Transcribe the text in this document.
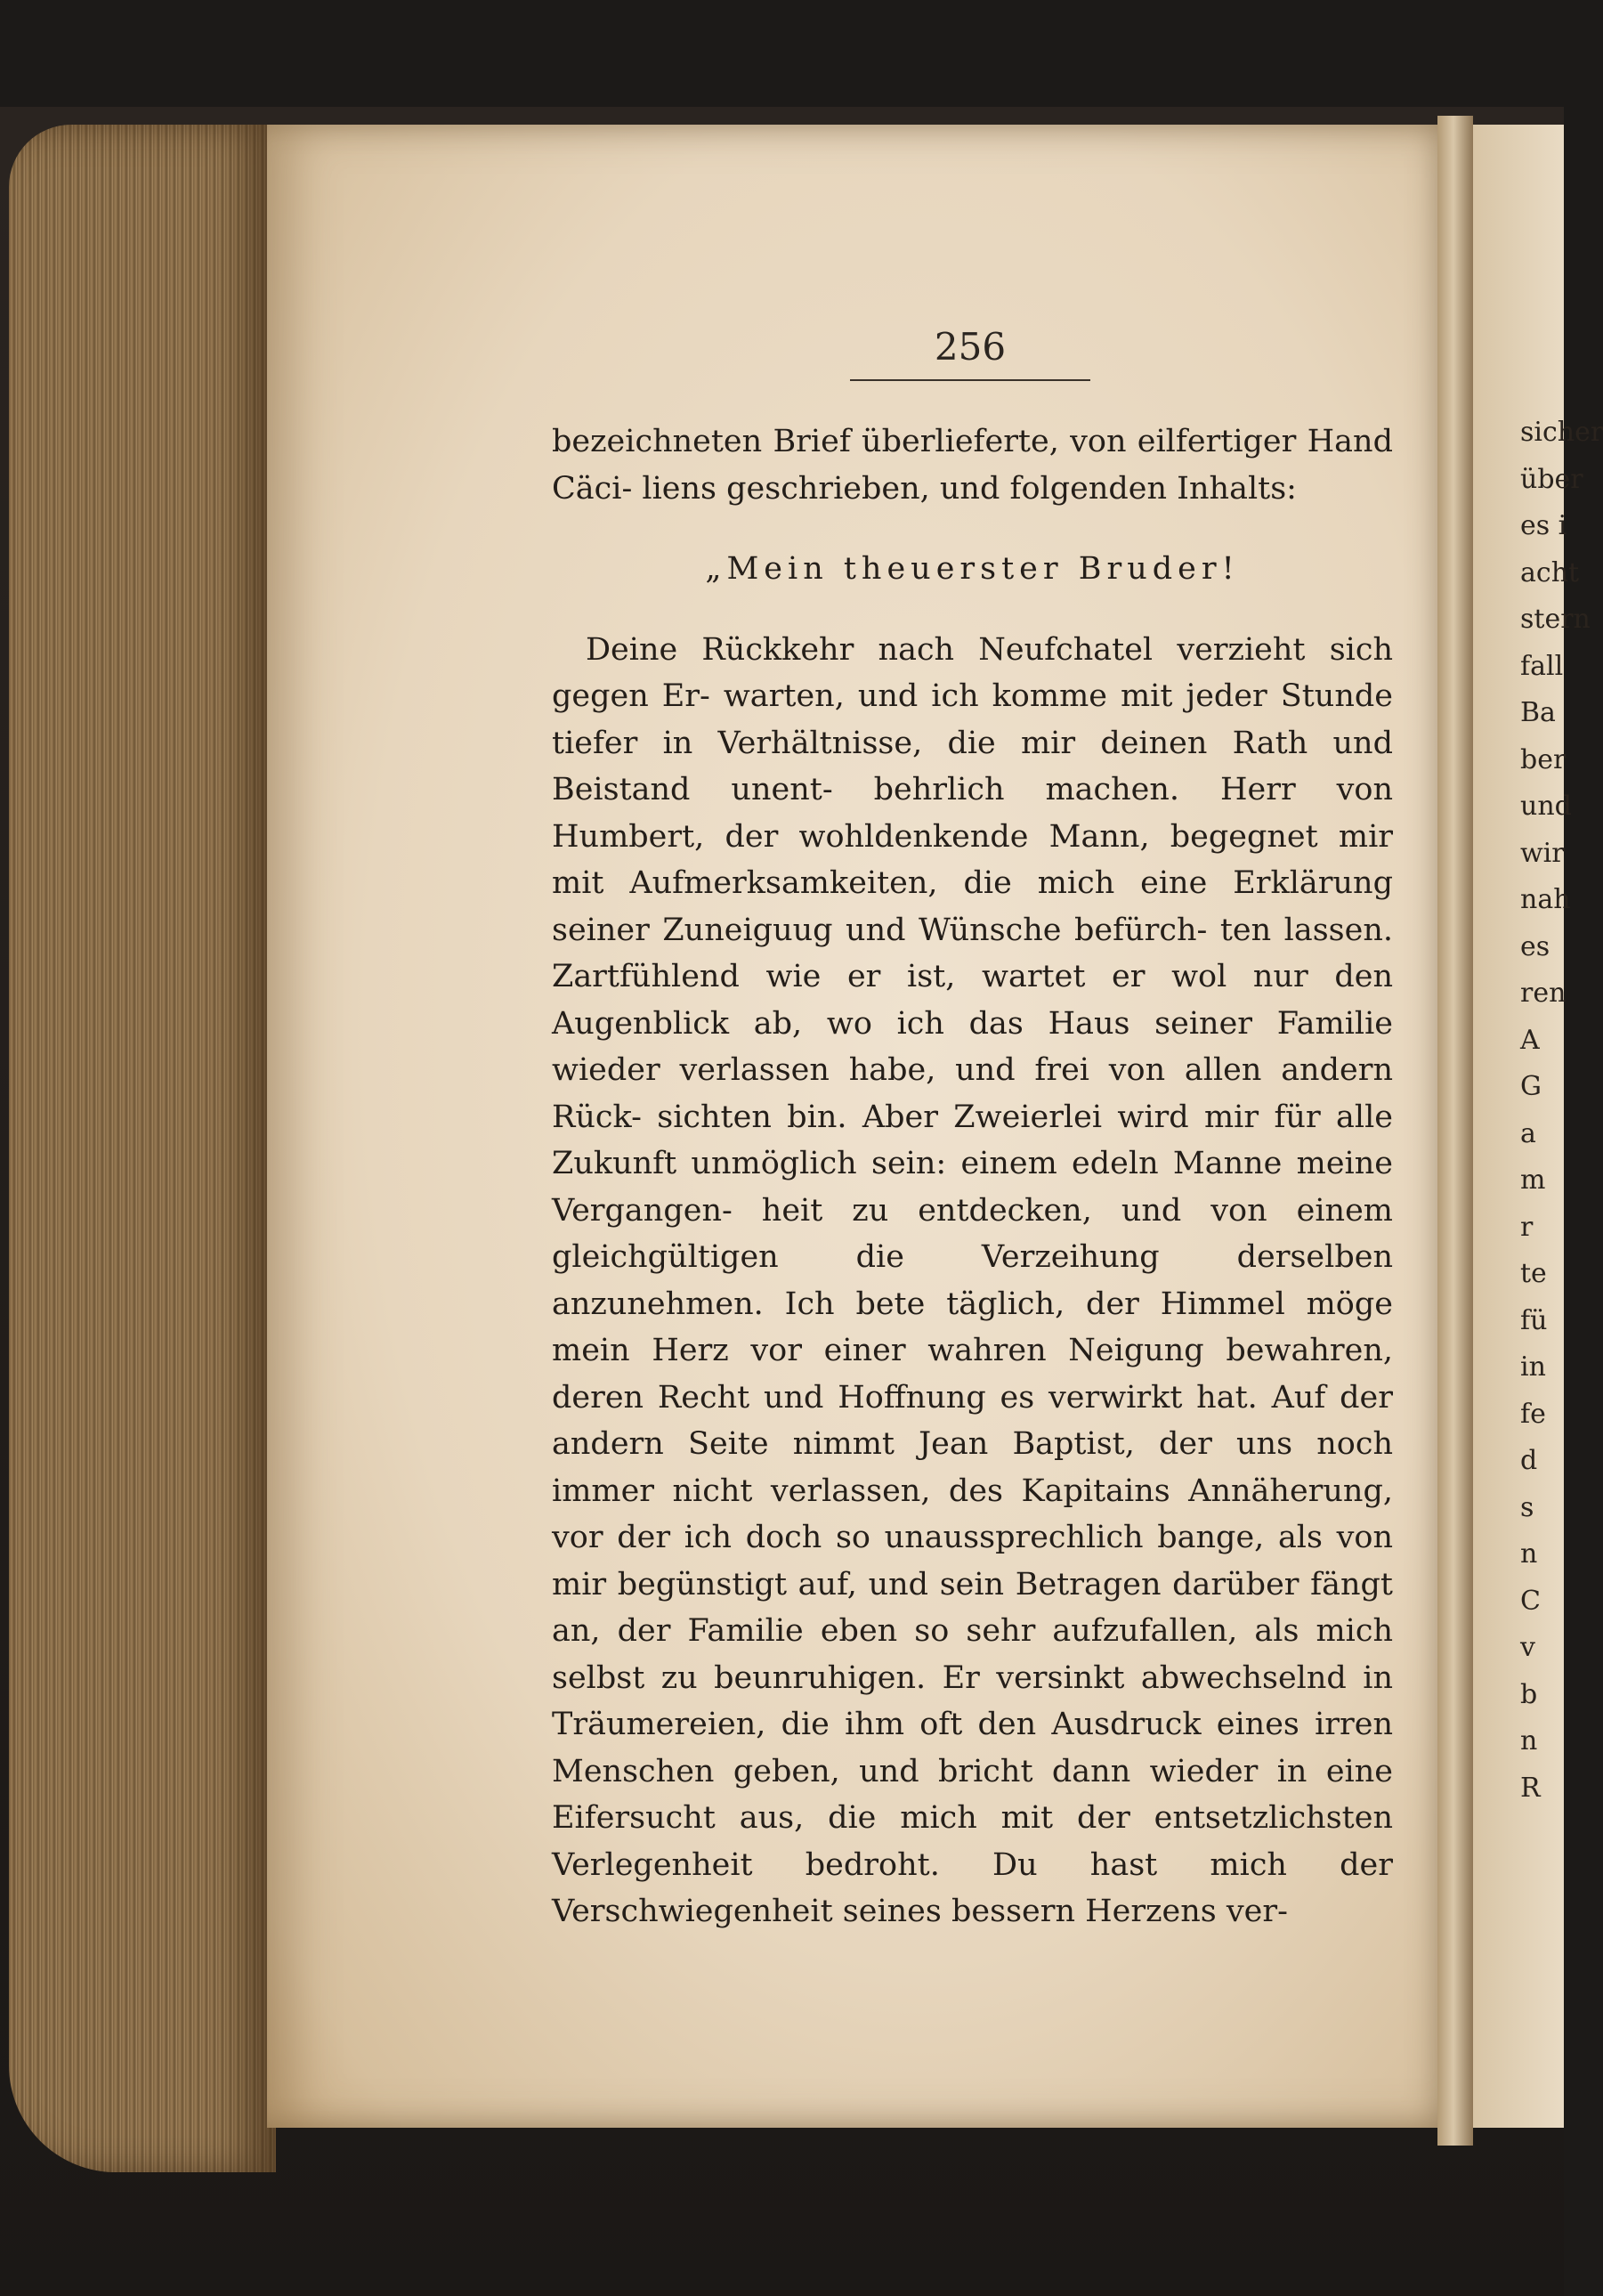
256

bezeichneten Brief überlieferte, von eilfertiger Hand Cäci- liens geschrieben, und folgenden Inhalts:

„Mein theuerster Bruder!

Deine Rückkehr nach Neufchatel verzieht sich gegen Er- warten, und ich komme mit jeder Stunde tiefer in Verhältnisse, die mir deinen Rath und Beistand unent- behrlich machen. Herr von Humbert, der wohldenkende Mann, begegnet mir mit Aufmerksamkeiten, die mich eine Erklärung seiner Zuneiguug und Wünsche befürch- ten lassen. Zartfühlend wie er ist, wartet er wol nur den Augenblick ab, wo ich das Haus seiner Familie wieder verlassen habe, und frei von allen andern Rück- sichten bin. Aber Zweierlei wird mir für alle Zukunft unmöglich sein: einem edeln Manne meine Vergangen- heit zu entdecken, und von einem gleichgültigen die Verzeihung derselben anzunehmen. Ich bete täglich, der Himmel möge mein Herz vor einer wahren Neigung bewahren, deren Recht und Hoffnung es verwirkt hat. Auf der andern Seite nimmt Jean Baptist, der uns noch immer nicht verlassen, des Kapitains Annäherung, vor der ich doch so unaussprechlich bange, als von mir begünstigt auf, und sein Betragen darüber fängt an, der Familie eben so sehr aufzufallen, als mich selbst zu beunruhigen. Er versinkt abwechselnd in Träumereien, die ihm oft den Ausdruck eines irren Menschen geben, und bricht dann wieder in eine Eifersucht aus, die mich mit der entsetzlichsten Verlegenheit bedroht. Du hast mich der Verschwiegenheit seines bessern Herzens ver-

sicher
über
es i
acht
stern
fall
Ba
ber
und
wir
nah
es
ren
A
G
a
m
r
te
fü
in
fe
d
s
n
C
v
b
n
R
